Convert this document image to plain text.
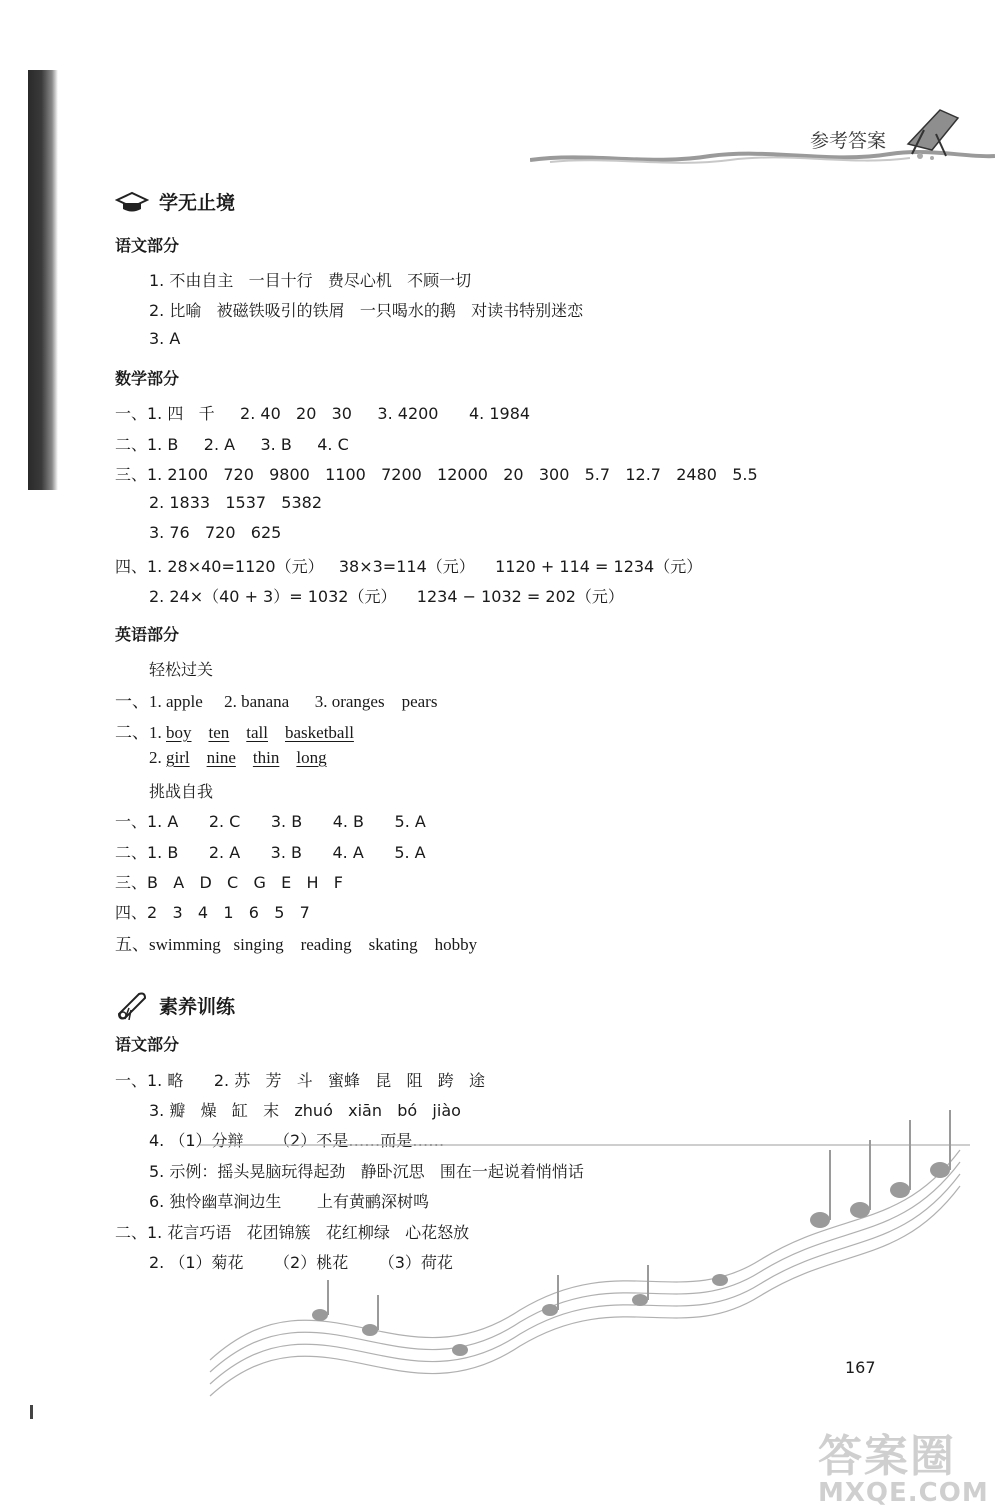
参考答案
学无止境
语文部分
1. 不由自主   一目十行   费尽心机   不顾一切
2. 比喻   被磁铁吸引的铁屑   一只喝水的鹅   对读书特别迷恋
3. A
数学部分
一、1. 四   千     2. 40   20   30     3. 4200      4. 1984
二、1. B     2. A     3. B     4. C
三、1. 2100   720   9800   1100   7200   12000   20   300   5.7   12.7   2480   5.5
2. 1833   1537   5382
3. 76   720   625
四、1. 28×40=1120（元）   38×3=114（元）    1120 + 114 = 1234（元）
2. 24×（40 + 3）= 1032（元）    1234 − 1032 = 202（元）
英语部分
轻松过关
一、1. apple     2. banana      3. oranges    pears
二、1. boy ten tall basketball
2. girl nine thin long
挑战自我
一、1. A      2. C      3. B      4. B      5. A
二、1. B      2. A      3. B      4. A      5. A
三、B   A   D   C   G   E   H   F
四、2   3   4   1   6   5   7
五、swimming   singing    reading    skating    hobby
素养训练
语文部分
一、1. 略      2. 苏   芳   斗   蜜蜂   昆   阻   跨   途
3. 瓣   燥   缸   末   zhuó   xiān   bó   jiào
4. （1）分辩      （2）不是……而是……
5. 示例：摇头晃脑玩得起劲   静卧沉思   围在一起说着悄悄话
6. 独怜幽草涧边生       上有黄鹂深树鸣
二、1. 花言巧语   花团锦簇   花红柳绿   心花怒放
2. （1）菊花      （2）桃花      （3）荷花
167
答案圈
MXQE.COM
